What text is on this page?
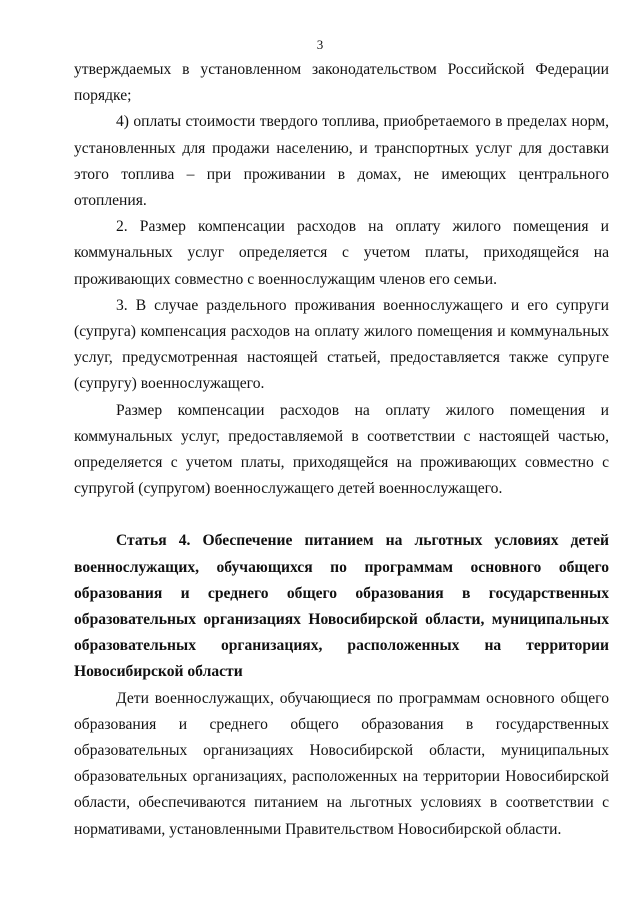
3

утверждаемых в установленном законодательством Российской Федерации порядке;

4) оплаты стоимости твердого топлива, приобретаемого в пределах норм, установленных для продажи населению, и транспортных услуг для доставки этого топлива – при проживании в домах, не имеющих центрального отопления.

2. Размер компенсации расходов на оплату жилого помещения и коммунальных услуг определяется с учетом платы, приходящейся на проживающих совместно с военнослужащим членов его семьи.

3. В случае раздельного проживания военнослужащего и его супруги (супруга) компенсация расходов на оплату жилого помещения и коммунальных услуг, предусмотренная настоящей статьей, предоставляется также супруге (супругу) военнослужащего.

Размер компенсации расходов на оплату жилого помещения и коммунальных услуг, предоставляемой в соответствии с настоящей частью, определяется с учетом платы, приходящейся на проживающих совместно с супругой (супругом) военнослужащего детей военнослужащего.

Статья 4. Обеспечение питанием на льготных условиях детей военнослужащих, обучающихся по программам основного общего образования и среднего общего образования в государственных образовательных организациях Новосибирской области, муниципальных образовательных организациях, расположенных на территории Новосибирской области

Дети военнослужащих, обучающиеся по программам основного общего образования и среднего общего образования в государственных образовательных организациях Новосибирской области, муниципальных образовательных организациях, расположенных на территории Новосибирской области, обеспечиваются питанием на льготных условиях в соответствии с нормативами, установленными Правительством Новосибирской области.
